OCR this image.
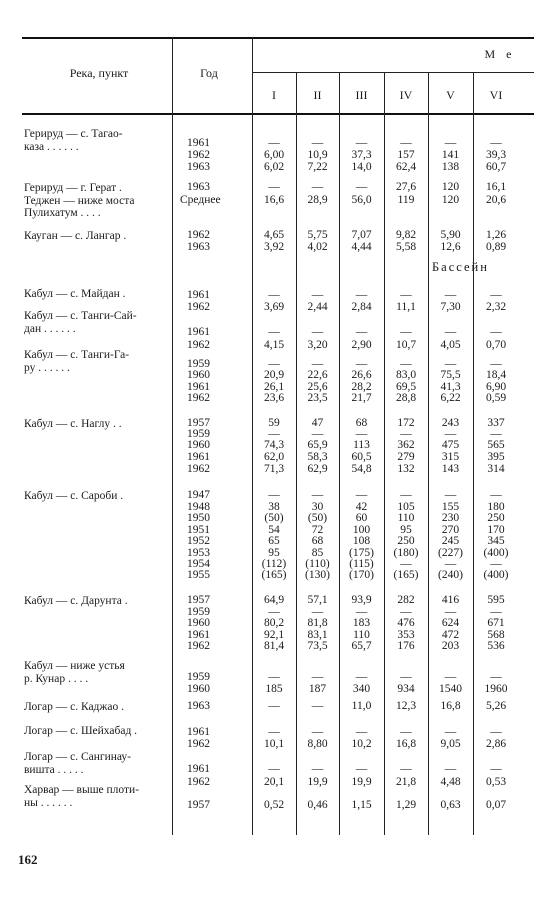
Река, пункт	Год
М е
I	II	III	IV	V	VI
Герируд — с. Тагао-
каза . . . . . .	1961	—	—	—	—	—	—
1962	6,00	10,9	37,3	157	141	39,3
1963	6,02	7,22	14,0	62,4	138	60,7
Герируд — г. Герат .
Теджен — ниже моста
Пулихатум . . . .
1963	—	—	—	27,6	120	16,1
Среднее	16,6	28,9	56,0	119	120	20,6
Кауган — с. Лангар .	1962	4,65	5,75	7,07	9,82	5,90	1,26
1963	3,92	4,02	4,44	5,58	12,6	0,89
Кабул — с. Майдан .	1961	—	—	—	—	—	—
1962	3,69	2,44	2,84	11,1	7,30	2,32
Кабул — с. Танги-Сай-
дан . . . . . .	1961	—	—	—	—	—	—
1962	4,15	3,20	2,90	10,7	4,05	0,70
Кабул — с. Танги-Га-
ру . . . . . .	1959	—	—	—	—	—	—
1960	20,9	22,6	26,6	83,0	75,5	18,4
1961	26,1	25,6	28,2	69,5	41,3	6,90
1962	23,6	23,5	21,7	28,8	6,22	0,59
Кабул — с. Наглу . .	1957	59	47	68	172	243	337
1959	—	—	—	—	—	—
1960	74,3	65,9	113	362	475	565
1961	62,0	58,3	60,5	279	315	395
1962	71,3	62,9	54,8	132	143	314
Кабул — с. Сароби .	1947	—	—	—	—	—	—
1948	38	30	42	105	155	180
1950	(50)	(50)	60	110	230	250
1951	54	72	100	95	270	170
1952	65	68	108	250	245	345
1953	95	85	(175)	(180)	(227)	(400)
1954	(112)	(110)	(115)	—	—	—
1955	(165)	(130)	(170)	(165)	(240)	(400)
Кабул — с. Дарунта .	1957	64,9	57,1	93,9	282	416	595
1959	—	—	—	—	—	—
1960	80,2	81,8	183	476	624	671
1961	92,1	83,1	110	353	472	568
1962	81,4	73,5	65,7	176	203	536
Кабул — ниже устья
р. Кунар . . . .	1959	—	—	—	—	—	—
1960	185	187	340	934	1540	1960
Логар — с. Каджао .	1963	—	—	11,0	12,3	16,8	5,26
Логар — с. Шейхабад .	1961	—	—	—	—	—	—
1962	10,1	8,80	10,2	16,8	9,05	2,86
Логар — с. Сангинау-
вишта . . . . .	1961	—	—	—	—	—	—
1962	20,1	19,9	19,9	21,8	4,48	0,53
Харвар — выше плоти-
ны . . . . . .	1957	0,52	0,46	1,15	1,29	0,63	0,07
Бассейн
162
